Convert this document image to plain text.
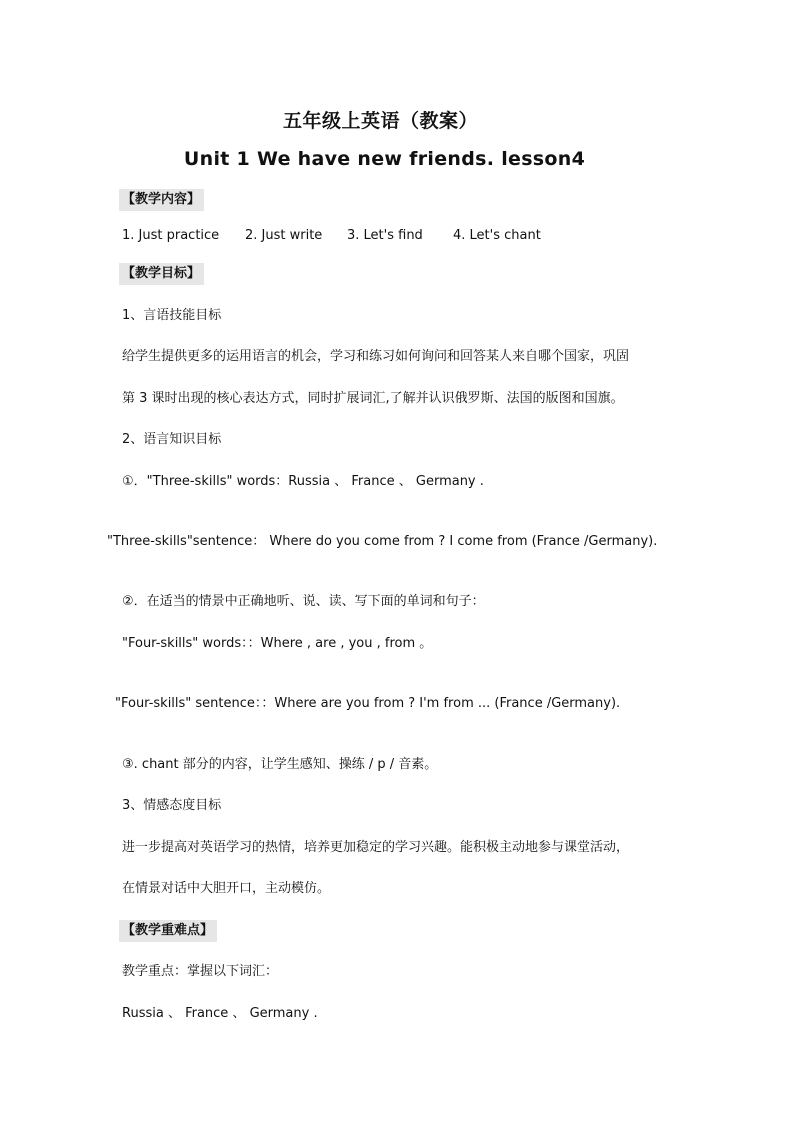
五年级上英语（教案）
Unit 1 We have new friends. lesson4
【教学内容】
1. Just practice 2. Just write 3. Let's find 4. Let's chant
【教学目标】
1、言语技能目标
给学生提供更多的运用语言的机会，学习和练习如何询问和回答某人来自哪个国家，巩固
第 3 课时出现的核心表达方式，同时扩展词汇,了解并认识俄罗斯、法国的版图和国旗。
2、语言知识目标
①．"Three-skills" words：Russia 、 France 、 Germany .
"Three-skills"sentence： Where do you come from ? I come from (France /Germany).
②．在适当的情景中正确地听、说、读、写下面的单词和句子：
"Four-skills" words：：Where , are , you , from 。
"Four-skills" sentence：：Where are you from ? I'm from ... (France /Germany).
③. chant 部分的内容，让学生感知、操练 / p / 音素。
3、情感态度目标
进一步提高对英语学习的热情，培养更加稳定的学习兴趣。能积极主动地参与课堂活动，
在情景对话中大胆开口，主动模仿。
【教学重难点】
教学重点：掌握以下词汇：
Russia 、 France 、 Germany .
